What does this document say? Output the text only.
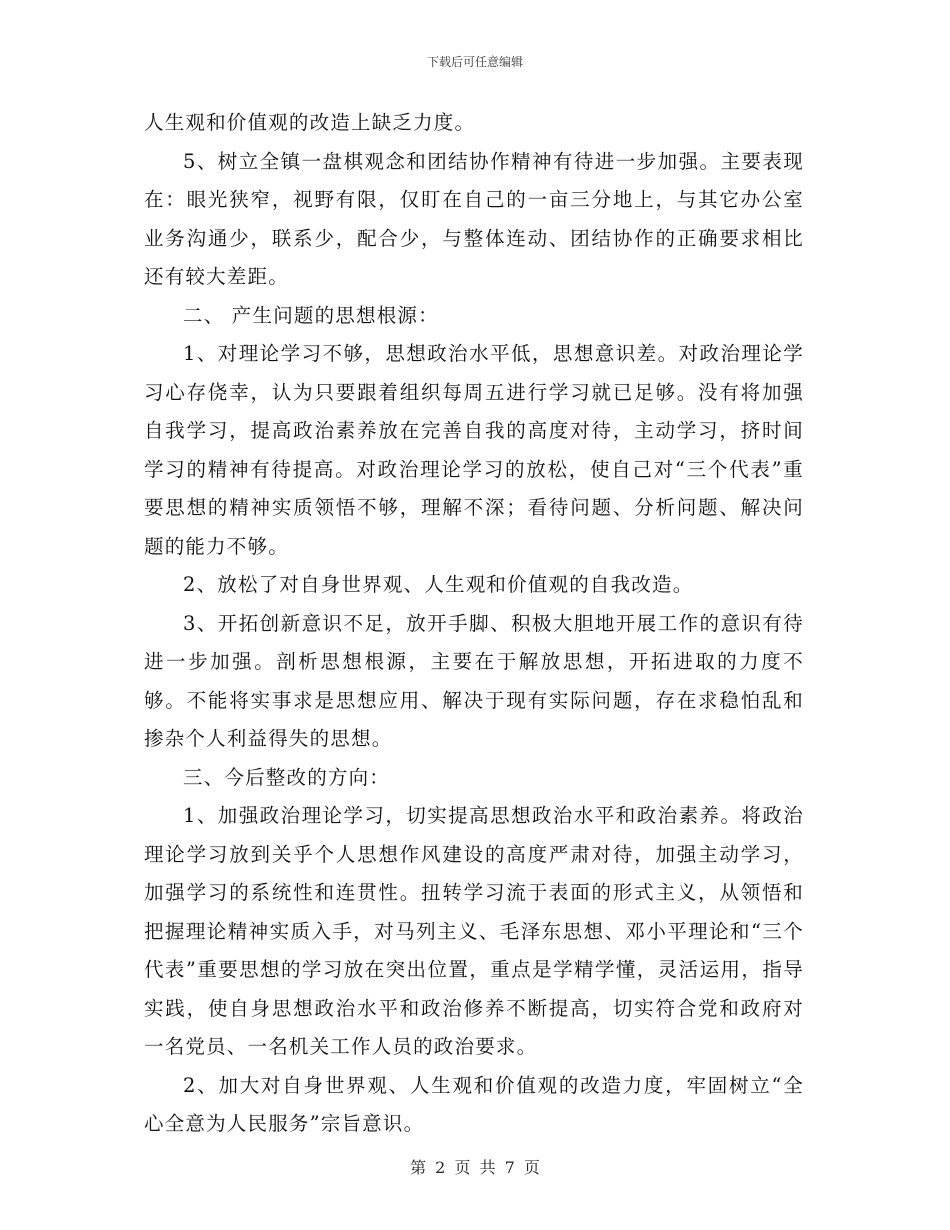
下载后可任意编辑

人生观和价值观的改造上缺乏力度。

5、树立全镇一盘棋观念和团结协作精神有待进一步加强。主要表现在：眼光狭窄，视野有限，仅盯在自己的一亩三分地上，与其它办公室业务沟通少，联系少，配合少，与整体连动、团结协作的正确要求相比还有较大差距。

二、 产生问题的思想根源：

1、对理论学习不够，思想政治水平低，思想意识差。对政治理论学习心存侥幸，认为只要跟着组织每周五进行学习就已足够。没有将加强自我学习，提高政治素养放在完善自我的高度对待，主动学习，挤时间学习的精神有待提高。对政治理论学习的放松，使自己对“三个代表”重要思想的精神实质领悟不够，理解不深；看待问题、分析问题、解决问题的能力不够。

2、放松了对自身世界观、人生观和价值观的自我改造。

3、开拓创新意识不足，放开手脚、积极大胆地开展工作的意识有待进一步加强。剖析思想根源，主要在于解放思想，开拓进取的力度不够。不能将实事求是思想应用、解决于现有实际问题，存在求稳怕乱和掺杂个人利益得失的思想。

三、今后整改的方向：

1、加强政治理论学习，切实提高思想政治水平和政治素养。将政治理论学习放到关乎个人思想作风建设的高度严肃对待，加强主动学习，加强学习的系统性和连贯性。扭转学习流于表面的形式主义，从领悟和把握理论精神实质入手，对马列主义、毛泽东思想、邓小平理论和“三个代表”重要思想的学习放在突出位置，重点是学精学懂，灵活运用，指导实践，使自身思想政治水平和政治修养不断提高，切实符合党和政府对一名党员、一名机关工作人员的政治要求。

2、加大对自身世界观、人生观和价值观的改造力度，牢固树立“全心全意为人民服务”宗旨意识。

第 2 页 共 7 页
